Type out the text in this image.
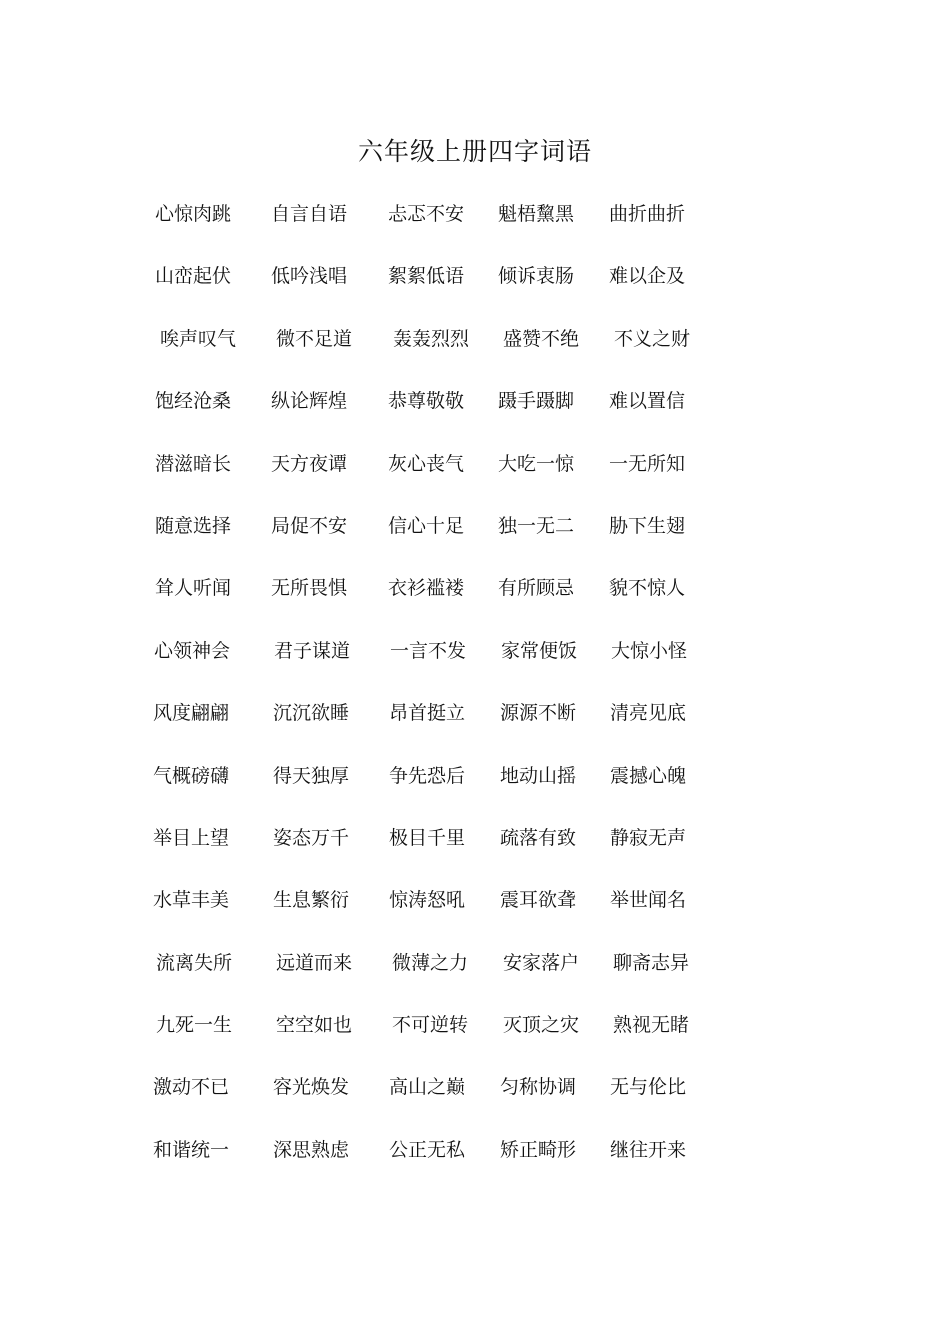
六年级上册四字词语
心惊肉跳 自言自语 忐忑不安 魁梧黧黑 曲折曲折
山峦起伏 低吟浅唱 絮絮低语 倾诉衷肠 难以企及
唉声叹气 微不足道 轰轰烈烈 盛赞不绝 不义之财
饱经沧桑 纵论辉煌 恭尊敬敬 蹑手蹑脚 难以置信
潜滋暗长 天方夜谭 灰心丧气 大吃一惊 一无所知
随意选择 局促不安 信心十足 独一无二 胁下生翅
耸人听闻 无所畏惧 衣衫褴褛 有所顾忌 貌不惊人
心领神会 君子谋道 一言不发 家常便饭 大惊小怪
风度翩翩 沉沉欲睡 昂首挺立 源源不断 清亮见底
气概磅礴 得天独厚 争先恐后 地动山摇 震撼心魄
举目上望 姿态万千 极目千里 疏落有致 静寂无声
水草丰美 生息繁衍 惊涛怒吼 震耳欲聋 举世闻名
流离失所 远道而来 微薄之力 安家落户 聊斋志异
九死一生 空空如也 不可逆转 灭顶之灾 熟视无睹
激动不已 容光焕发 高山之巅 匀称协调 无与伦比
和谐统一 深思熟虑 公正无私 矫正畸形 继往开来
